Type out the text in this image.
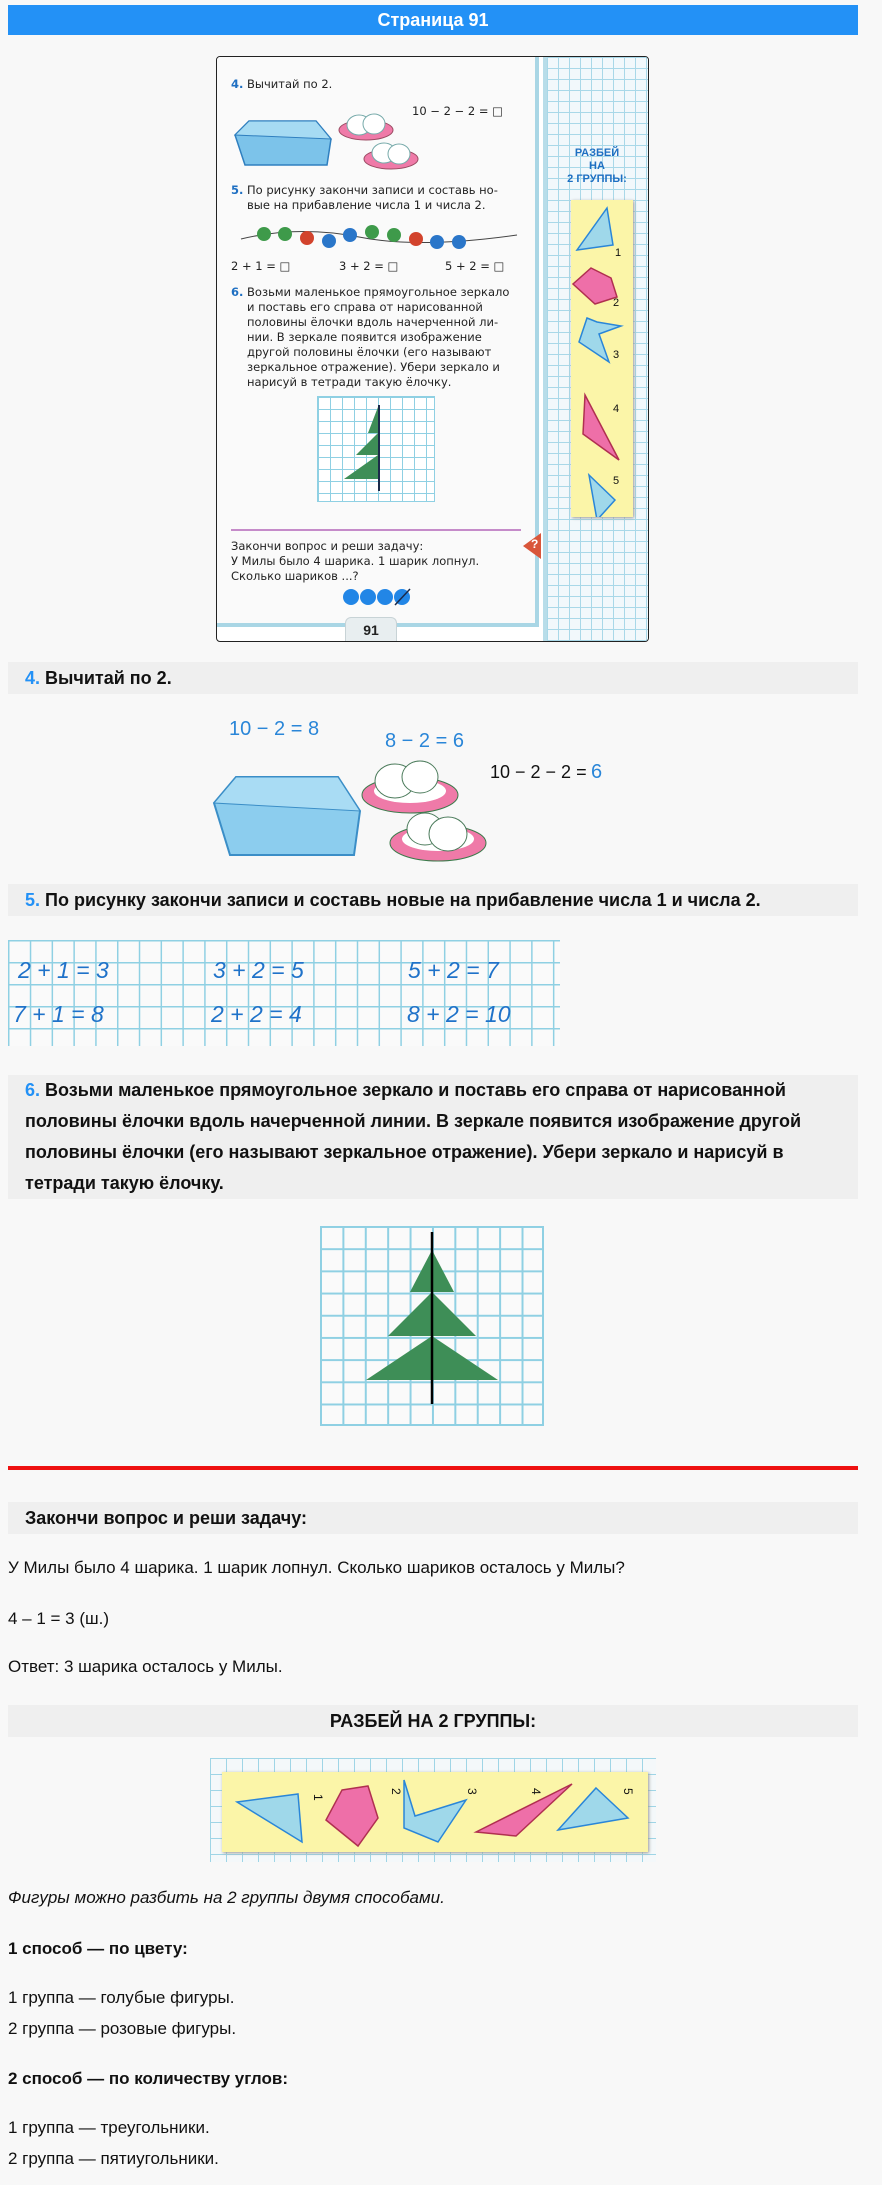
Страница 91
4. Вычитай по 2.
10 − 2 − 2 = □
5. По рисунку закончи записи и составь но-
вые на прибавление числа 1 и числа 2.
2 + 1 = □	3 + 2 = □	5 + 2 = □
6. Возьми маленькое прямоугольное зеркало
и поставь его справа от нарисованной
половины ёлочки вдоль начерченной ли-
нии. В зеркале появится изображение
другой половины ёлочки (его называют
зеркальное отражение). Убери зеркало и
нарисуй в тетради такую ёлочку.
Закончи вопрос и реши задачу:
У Милы было 4 шарика. 1 шарик лопнул.
Сколько шариков ...?
?
91
РАЗБЕЙ
НА
2 ГРУППЫ:
1
2
3
4
5
4. Вычитай по 2.
10 − 2 = 8
8 − 2 = 6
10 − 2 − 2 = 6
5. По рисунку закончи записи и составь новые на прибавление числа 1 и числа 2.
2 + 1 = 3	3 + 2 = 5	5 + 2 = 7
7 + 1 = 8	2 + 2 = 4	8 + 2 = 10
6. Возьми маленькое прямоугольное зеркало и поставь его справа от нарисованной половины ёлочки вдоль начерченной линии. В зеркале появится изображение другой половины ёлочки (его называют зеркальное отражение). Убери зеркало и нарисуй в тетради такую ёлочку.
Закончи вопрос и реши задачу:
У Милы было 4 шарика. 1 шарик лопнул. Сколько шариков осталось у Милы?
4 – 1 = 3 (ш.)
Ответ: 3 шарика осталось у Милы.
РАЗБЕЙ НА 2 ГРУППЫ:
1
2	3	4	5
Фигуры можно разбить на 2 группы двумя способами.
1 способ — по цвету:
1 группа — голубые фигуры.
2 группа — розовые фигуры.
2 способ — по количеству углов:
1 группа — треугольники.
2 группа — пятиугольники.
